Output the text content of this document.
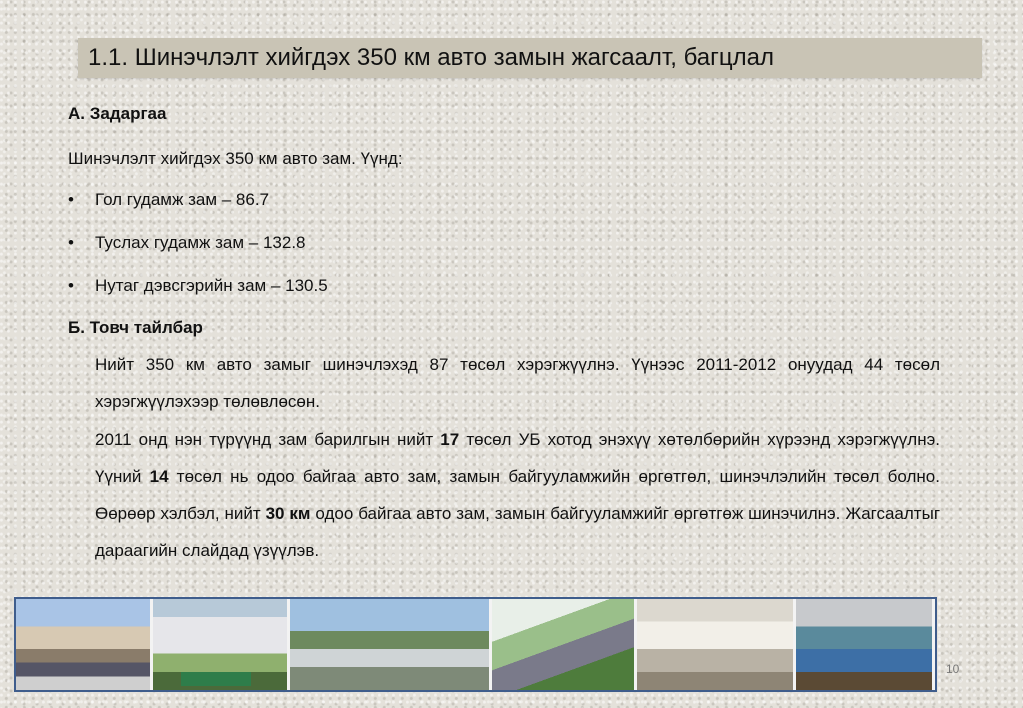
1.1. Шинэчлэлт хийгдэх 350 км авто замын жагсаалт, багцлал
А. Задаргаа
Шинэчлэлт хийгдэх 350 км авто зам. Үүнд:
•	Гол гудамж зам – 86.7
•	Туслах гудамж зам – 132.8
•	Нутаг дэвсгэрийн зам – 130.5
Б. Товч тайлбар
Нийт 350 км авто замыг шинэчлэхэд 87 төсөл хэрэгжүүлнэ. Үүнээс 2011-2012 онуудад 44 төсөл хэрэгжүүлэхээр төлөвлөсөн.
2011 онд нэн түрүүнд зам барилгын нийт 17 төсөл УБ хотод энэхүү хөтөлбөрийн хүрээнд хэрэгжүүлнэ. Үүний 14 төсөл нь одоо байгаа авто зам, замын байгууламжийн өргөтгөл, шинэчлэлийн төсөл болно. Өөрөөр хэлбэл, нийт 30 км одоо байгаа авто зам, замын байгууламжийг өргөтгөж шинэчилнэ. Жагсаалтыг дараагийн слайдад үзүүлэв.
10
